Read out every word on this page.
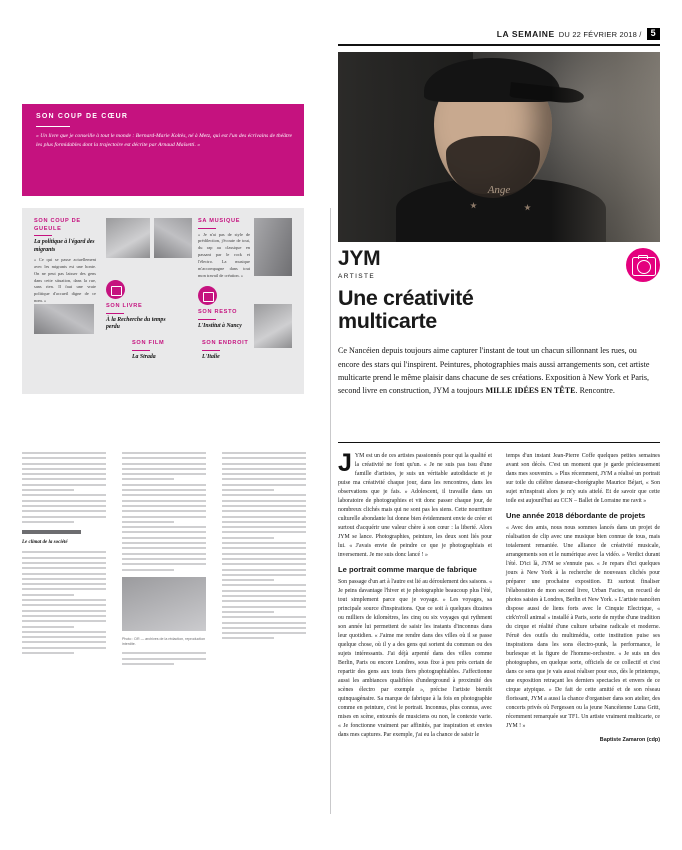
LA SEMAINE DU 22 FÉVRIER 2018 /	5
SON COUP DE CŒUR
« Un livre que je conseille à tout le monde : Bernard-Marie Koltès, né à Metz, qui est l'un des écrivains de théâtre les plus formidables dont la trajectoire est décrite par Arnaud Maïsetti. »
SON COUP DE GUEULE
La politique à l'égard des migrants
« Ce qui se passe actuellement avec les migrants est une honte. On ne peut pas laisser des gens dans cette situation, dans la rue, sans rien. Il faut une vraie politique d'accueil digne de ce nom. »
SA MUSIQUE
« Je n'ai pas de style de prédilection, j'écoute de tout, du rap au classique en passant par le rock et l'électro. La musique m'accompagne dans tout mon travail de création. »
SON LIVRE
À la Recherche du temps perdu
SON RESTO
L'Institut à Nancy
SON FILM
La Strada
SON ENDROIT
L'Italie
Le climat de la société
Photo : DR — archives de la rédaction, reproduction interdite.
Ange
JYM
ARTISTE
Une créativité
multicarte
Ce Nancéien depuis toujours aime capturer l'instant de tout un chacun sillonnant les rues, ou encore des stars qui l'inspirent. Peintures, photographies mais aussi arrangements son, cet artiste multicarte prend le même plaisir dans chacune de ses créations. Exposition à New York et Paris, second livre en construction, JYM a toujours MILLE IDÉES EN TÊTE. Rencontre.

JYM est un de ces artistes passionnés pour qui la qualité et la créativité ne font qu'un. « Je ne suis pas issu d'une famille d'artistes, je suis un véritable autodidacte et je puise ma créativité chaque jour, dans les rencontres, dans les observations que je fais. » Adolescent, il travaille dans un laboratoire de photographies et vit donc passer chaque jour, de nombreux clichés mais qui ne sont pas les siens. Cette nourriture culturelle abondante lui donne bien évidemment envie de créer et surtout d'acquérir une valeur chère à son cœur : la liberté. Alors JYM se lance. Photographies, peinture, les deux sont liés pour lui. « J'avais envie de peindre ce que je photographiais et inversement. Je me suis donc lancé ! »

Le portrait comme marque de fabrique

Son passage d'un art à l'autre est lié au déroulement des saisons. « Je peins davantage l'hiver et je photographie beaucoup plus l'été, tout simplement parce que je voyage. » Les voyages, sa principale source d'inspirations. Que ce soit à quelques dizaines ou milliers de kilomètres, les cinq ou six voyages qui rythment son année lui permettent de saisir les instants d'inconnus dans leur quotidien. « J'aime me rendre dans des villes où il se passe quelque chose, où il y a des gens qui sortent du commun ou des sujets intéressants. J'ai déjà arpenté dans des villes comme Berlin, Paris ou encore Londres, sous fixe à peu près certain de repartir des gens aux touts fiers photographiables. J'affectionne aussi les ambiances qualifiées d'underground à proximité des scènes électro par exemple », précise l'artiste bientôt quinquagénaire. Sa marque de fabrique à la fois en photographie comme en peinture, c'est le portrait. Inconnus, plus connus, avec mises en scène, entourés de musiciens ou non, le contexte varie. « Je fonctionne vraiment par affinités, par inspiration et envies dans mes captures. Par exemple, j'ai eu la chance de saisir le

temps d'un instant Jean-Pierre Coffe quelques petites semaines avant son décès. C'est un moment que je garde précieusement dans mes souvenirs. » Plus récemment, JYM a réalisé un portrait sur toile du célèbre danseur-chorégraphe Maurice Béjart, « Son sujet m'inspirait alors je m'y suis attelé. Et de savoir que cette toile est aujourd'hui au CCN – Ballet de Lorraine me ravit »

Une année 2018 débordante de projets

« Avec des amis, nous nous sommes lancés dans un projet de réalisation de clip avec une musique bien connue de tous, mais totalement remaniée. Une alliance de créativité musicale, arrangements son et le numérique avec la vidéo. » Verdict durant l'été. D'ici là, JYM se s'ennuie pas. « Je repars d'ici quelques jours à New York à la recherche de nouveaux clichés pour préparer une prochaine exposition. Et surtout finaliser l'élaboration de mon second livre, Urban Facies, un recueil de photos saisies à Londres, Berlin et New York. » L'artiste nancéien dispose aussi de liens forts avec le Cinquie Electrique, « cirk'n'roll animal » installé à Paris, sorte de mythe d'une tradition du cirque et réalité d'une culture urbaine radicale et moderne. Féruë des outils du multimédia, cette institution puise ses inspirations dans les sons électro-punk, la performance, le burlesque et la figure de l'homme-orchestre. « Je suis un des photographes, en quelque sorte, officiels de ce collectif et c'est dans ce sens que je vais aussi réaliser pour eux, dès le printemps, une exposition retraçant les derniers spectacles et envers de ce cirque atypique. » De fait de cette amitié et de son réseau florissant, JYM a aussi la chance d'organiser dans son atelier, des concerts privés où Fergessen ou la jeune Nancéienne Luna Gritt, récemment remarquée sur TF1. Un artiste vraiment multicarte, ce JYM ! »

Baptiste Zamaron (cdp)
